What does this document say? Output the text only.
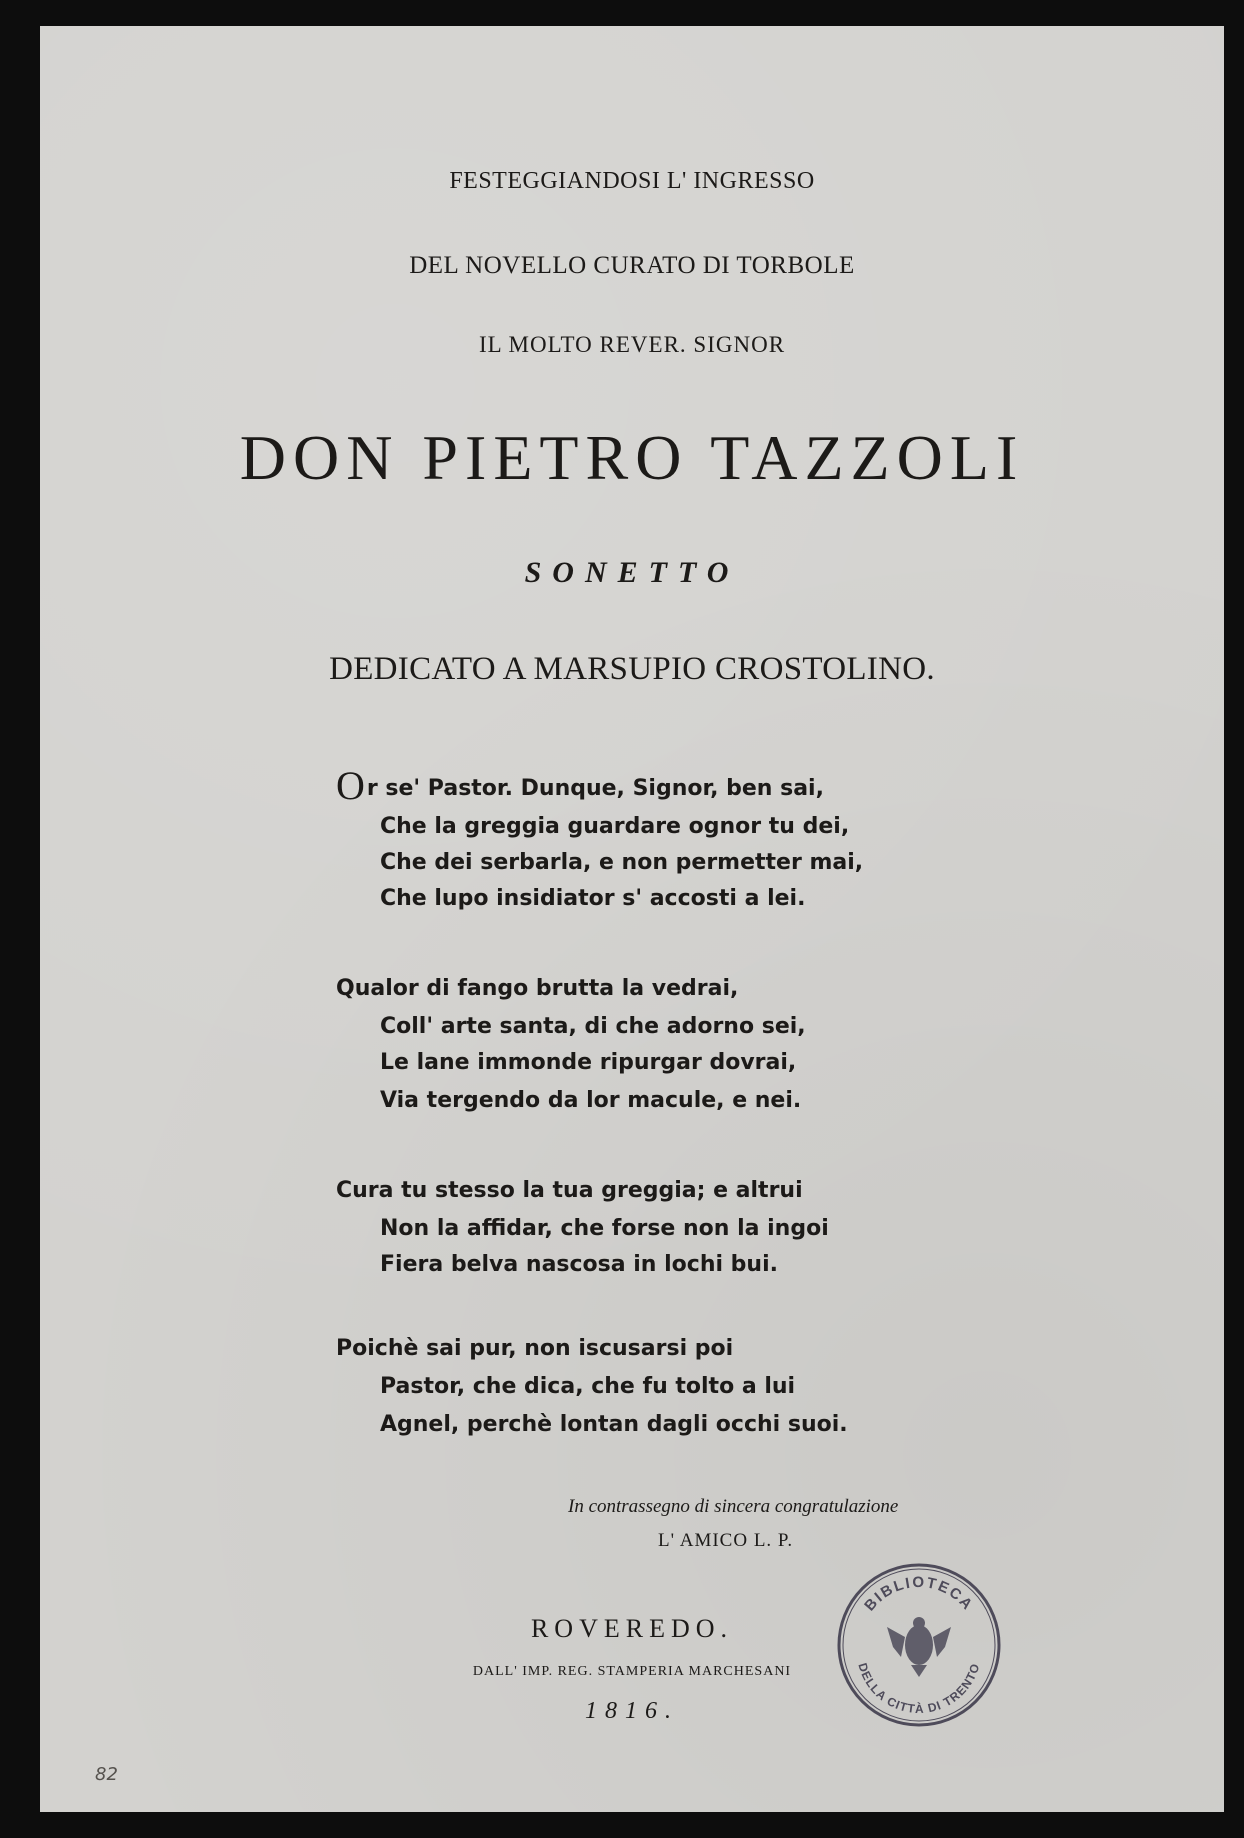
FESTEGGIANDOSI L' INGRESSO
DEL NOVELLO CURATO DI TORBOLE
IL MOLTO REVER. SIGNOR
DON PIETRO TAZZOLI
SONETTO
DEDICATO A MARSUPIO CROSTOLINO.
Or se' Pastor. Dunque, Signor, ben sai,
Che la greggia guardare ognor tu dei,
Che dei serbarla, e non permetter mai,
Che lupo insidiator s' accosti a lei.
Qualor di fango brutta la vedrai,
Coll' arte santa, di che adorno sei,
Le lane immonde ripurgar dovrai,
Via tergendo da lor macule, e nei.
Cura tu stesso la tua greggia; e altrui
Non la affidar, che forse non la ingoi
Fiera belva nascosa in lochi bui.
Poichè sai pur, non iscusarsi poi
Pastor, che dica, che fu tolto a lui
Agnel, perchè lontan dagli occhi suoi.
In contrassegno di sincera congratulazione
L' AMICO L. P.
ROVEREDO.
DALL' IMP. REG. STAMPERIA MARCHESANI
1816.
BIBLIOTECA
DELLA CITTÀ DI TRENTO
82
